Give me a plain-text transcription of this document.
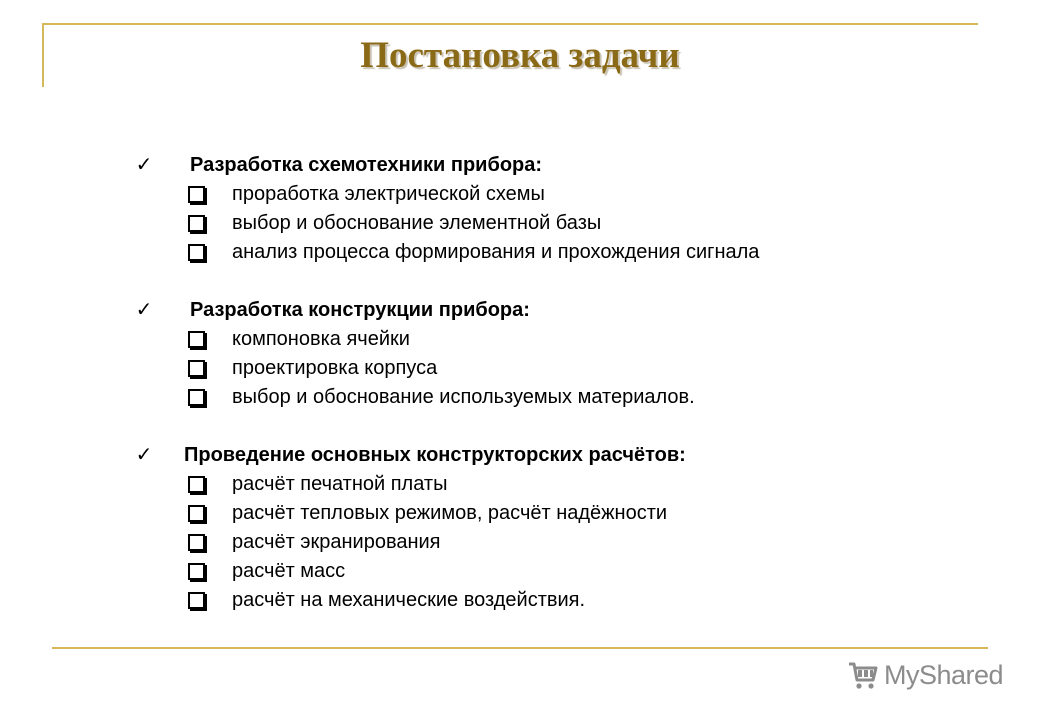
Постановка задачи
✓ Разработка схемотехники прибора:
проработка электрической схемы
выбор и обоснование элементной базы
анализ процесса формирования и прохождения сигнала
✓ Разработка конструкции прибора:
компоновка ячейки
проектировка корпуса
выбор и обоснование используемых материалов.
✓ Проведение основных конструкторских расчётов:
расчёт печатной платы
расчёт тепловых режимов, расчёт надёжности
расчёт экранирования
расчёт масс
расчёт на механические воздействия.
MyShared
